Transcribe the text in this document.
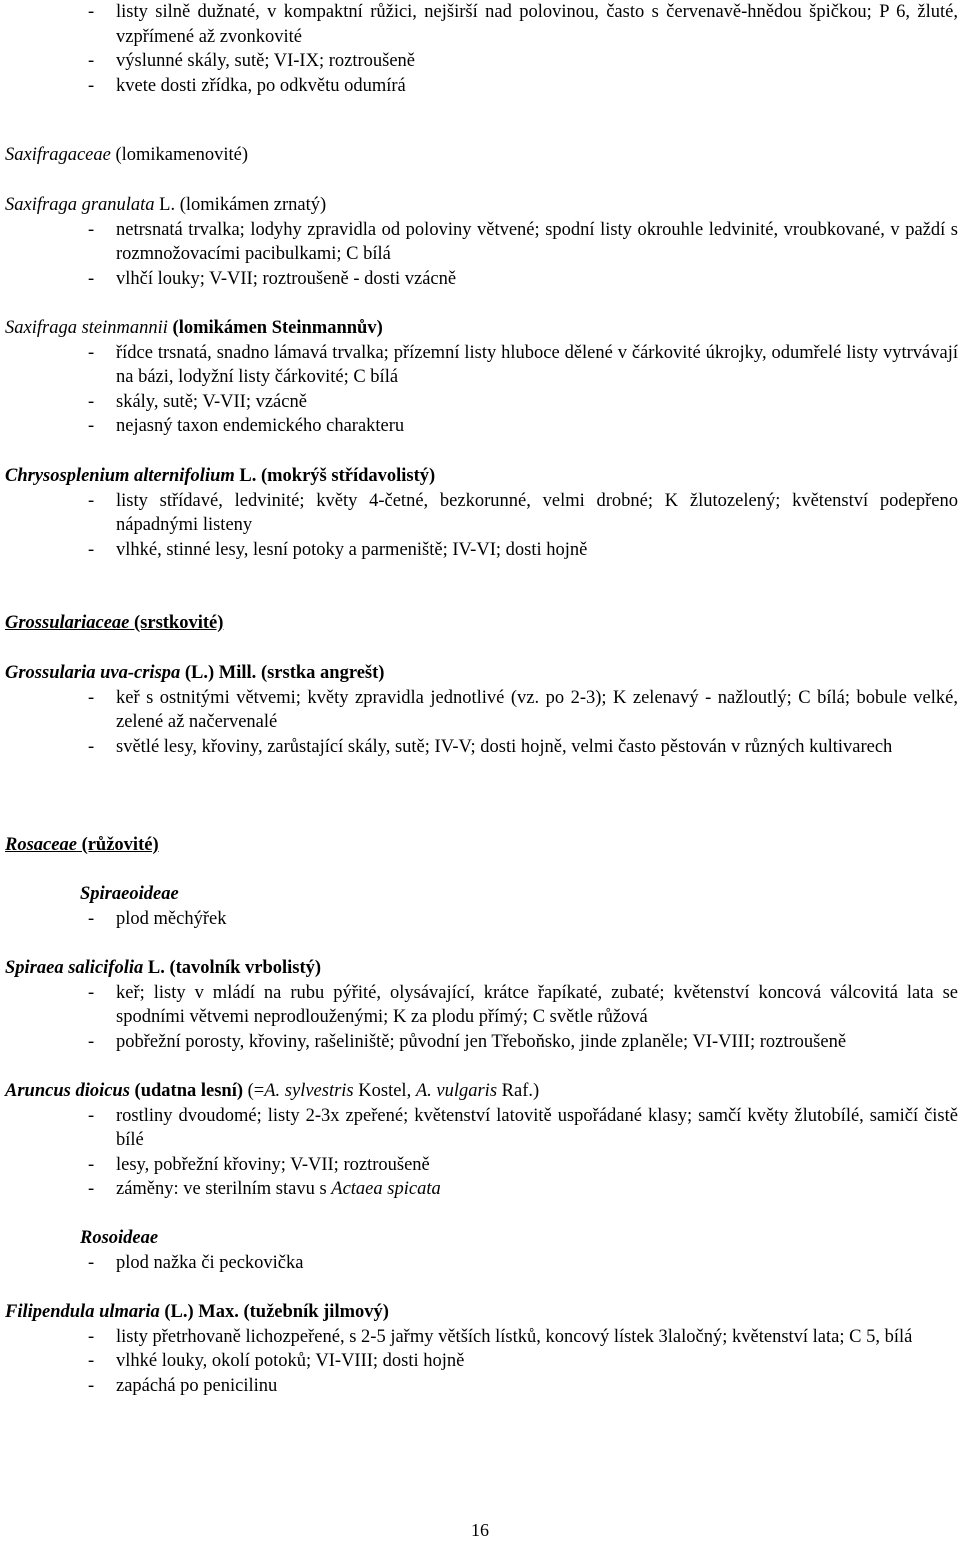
- listy silně dužnaté, v kompaktní růžici, nejširší nad polovinou, často s červenavě-hnědou špičkou; P 6, žluté, vzpřímené až zvonkovité
- výslunné skály, sutě; VI-IX; roztroušeně
- kvete dosti zřídka, po odkvětu odumírá
Saxifragaceae (lomikamenovité)
Saxifraga granulata L. (lomikámen zrnatý)
- netrsnatá trvalka; lodyhy zpravidla od poloviny větvené; spodní listy okrouhle ledvinité, vroubkované, v paždí s rozmnožovacími pacibulkami; C bílá
- vlhčí louky; V-VII; roztroušeně - dosti vzácně
Saxifraga steinmannii (lomikámen Steinmannův)
- řídce trsnatá, snadno lámavá trvalka; přízemní listy hluboce dělené v čárkovité úkrojky, odumřelé listy vytrvávají na bázi, lodyžní listy čárkovité; C bílá
- skály, sutě; V-VII; vzácně
- nejasný taxon endemického charakteru
Chrysosplenium alternifolium L. (mokrýš střídavolistý)
- listy střídavé, ledvinité; květy 4-četné, bezkorunné, velmi drobné; K žlutozelený; květenství podepřeno nápadnými listeny
- vlhké, stinné lesy, lesní potoky a parmeniště; IV-VI; dosti hojně
Grossulariaceae (srstkovité)
Grossularia uva-crispa (L.) Mill. (srstka angrešt)
- keř s ostnitými větvemi; květy zpravidla jednotlivé (vz. po 2-3); K zelenavý - nažloutlý; C bílá; bobule velké, zelené až načervenalé
- světlé lesy, křoviny, zarůstající skály, sutě; IV-V; dosti hojně, velmi často pěstován v různých kultivarech
Rosaceae (růžovité)
Spiraeoideae
- plod měchýřek
Spiraea salicifolia L. (tavolník vrbolistý)
- keř; listy v mládí na rubu pýřité, olysávající, krátce řapíkaté, zubaté; květenství koncová válcovitá lata se spodními větvemi neprodlouženými; K za plodu přímý; C světle růžová
- pobřežní porosty, křoviny, rašeliniště; původní jen Třeboňsko, jinde zplaněle; VI-VIII; roztroušeně
Aruncus dioicus (udatna lesní) (=A. sylvestris Kostel, A. vulgaris Raf.)
- rostliny dvoudomé; listy 2-3x zpeřené; květenství latovitě uspořádané klasy; samčí květy žlutobílé, samičí čistě bílé
- lesy, pobřežní křoviny; V-VII; roztroušeně
- záměny: ve sterilním stavu s Actaea spicata
Rosoideae
- plod nažka či peckovička
Filipendula ulmaria (L.) Max. (tužebník jilmový)
- listy přetrhovaně lichozpeřené, s 2-5 jařmy větších lístků, koncový lístek 3laločný; květenství lata; C 5, bílá
- vlhké louky, okolí potoků; VI-VIII; dosti hojně
- zapáchá po penicilinu
16
